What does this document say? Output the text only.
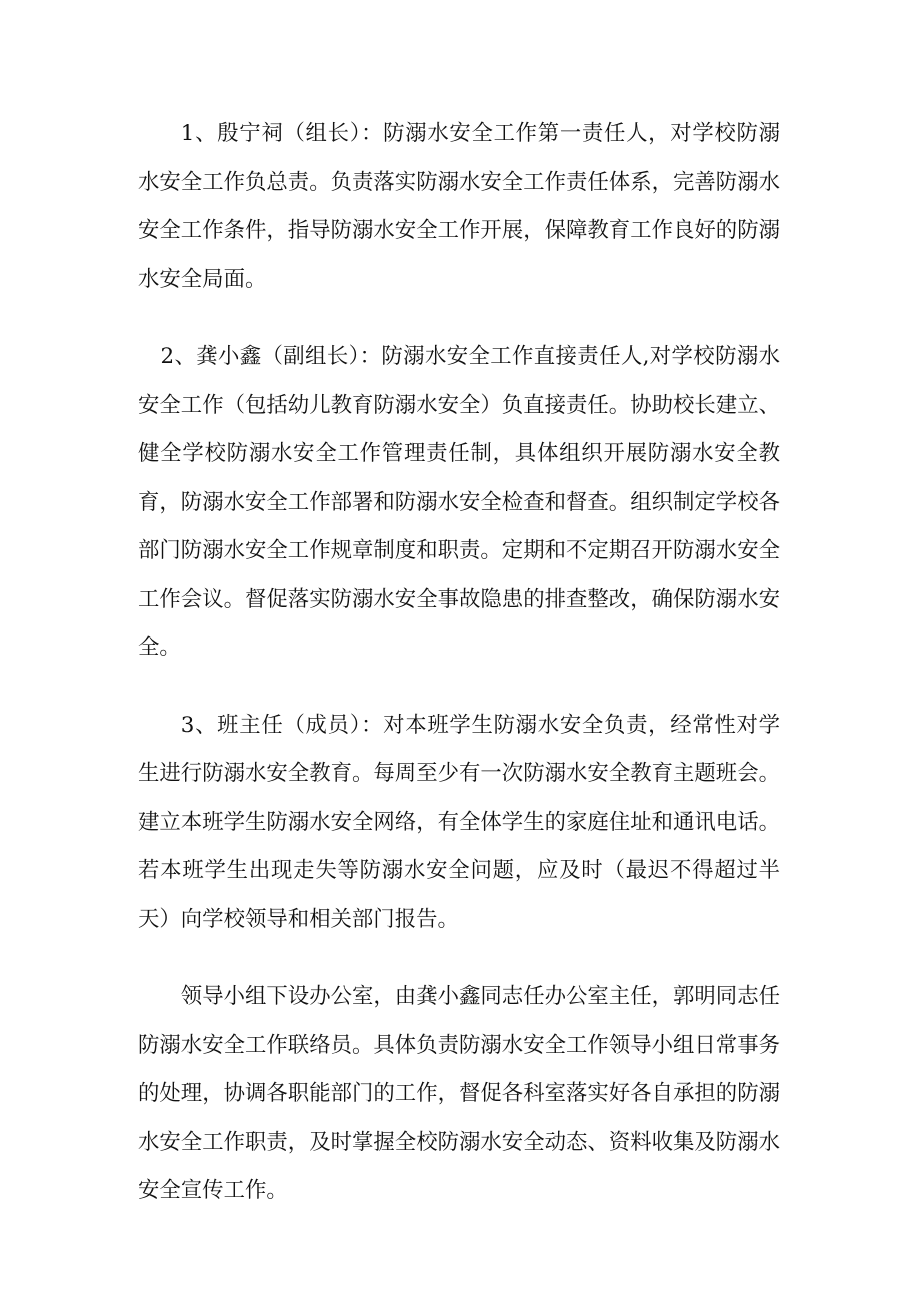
1、殷宁祠（组长）：防溺水安全工作第一责任人，对学校防溺水安全工作负总责。负责落实防溺水安全工作责任体系，完善防溺水安全工作条件，指导防溺水安全工作开展，保障教育工作良好的防溺水安全局面。

2、龚小鑫（副组长）：防溺水安全工作直接责任人,对学校防溺水安全工作（包括幼儿教育防溺水安全）负直接责任。协助校长建立、健全学校防溺水安全工作管理责任制，具体组织开展防溺水安全教育，防溺水安全工作部署和防溺水安全检查和督查。组织制定学校各部门防溺水安全工作规章制度和职责。定期和不定期召开防溺水安全工作会议。督促落实防溺水安全事故隐患的排查整改，确保防溺水安全。

3、班主任（成员）：对本班学生防溺水安全负责，经常性对学生进行防溺水安全教育。每周至少有一次防溺水安全教育主题班会。建立本班学生防溺水安全网络，有全体学生的家庭住址和通讯电话。若本班学生出现走失等防溺水安全问题，应及时（最迟不得超过半天）向学校领导和相关部门报告。

领导小组下设办公室，由龚小鑫同志任办公室主任，郭明同志任防溺水安全工作联络员。具体负责防溺水安全工作领导小组日常事务的处理，协调各职能部门的工作，督促各科室落实好各自承担的防溺水安全工作职责，及时掌握全校防溺水安全动态、资料收集及防溺水安全宣传工作。
